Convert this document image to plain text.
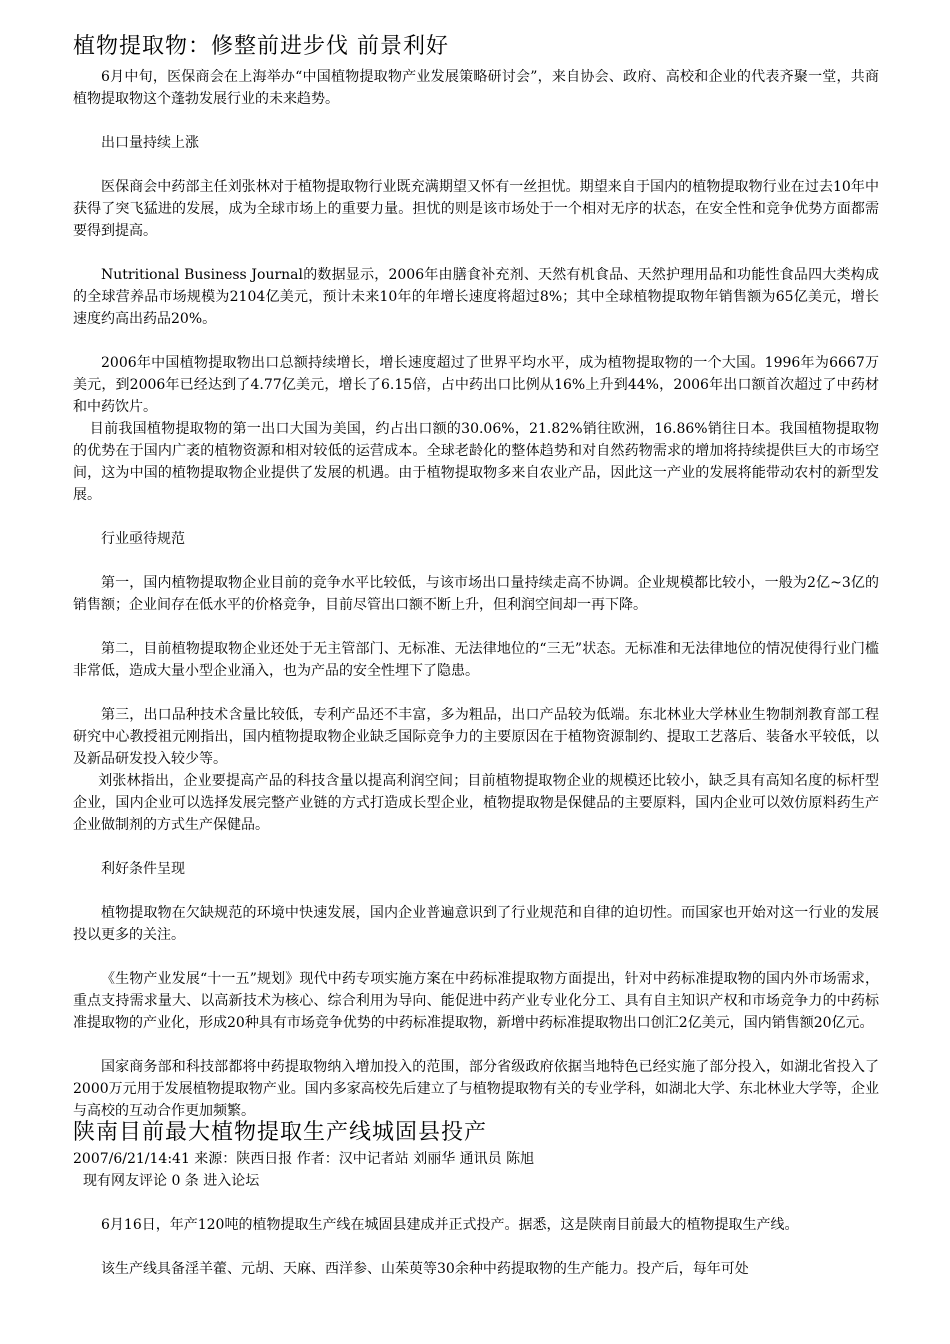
植物提取物：修整前进步伐 前景利好

6月中旬，医保商会在上海举办“中国植物提取物产业发展策略研讨会”，来自协会、政府、高校和企业的代表齐聚一堂，共商植物提取物这个蓬勃发展行业的未来趋势。

出口量持续上涨

医保商会中药部主任刘张林对于植物提取物行业既充满期望又怀有一丝担忧。期望来自于国内的植物提取物行业在过去10年中获得了突飞猛进的发展，成为全球市场上的重要力量。担忧的则是该市场处于一个相对无序的状态，在安全性和竞争优势方面都需要得到提高。

Nutritional Business Journal的数据显示，2006年由膳食补充剂、天然有机食品、天然护理用品和功能性食品四大类构成的全球营养品市场规模为2104亿美元，预计未来10年的年增长速度将超过8%；其中全球植物提取物年销售额为65亿美元，增长速度约高出药品20%。

2006年中国植物提取物出口总额持续增长，增长速度超过了世界平均水平，成为植物提取物的一个大国。1996年为6667万美元，到2006年已经达到了4.77亿美元，增长了6.15倍，占中药出口比例从16%上升到44%，2006年出口额首次超过了中药材和中药饮片。

目前我国植物提取物的第一出口大国为美国，约占出口额的30.06%，21.82%销往欧洲，16.86%销往日本。我国植物提取物的优势在于国内广袤的植物资源和相对较低的运营成本。全球老龄化的整体趋势和对自然药物需求的增加将持续提供巨大的市场空间，这为中国的植物提取物企业提供了发展的机遇。由于植物提取物多来自农业产品，因此这一产业的发展将能带动农村的新型发展。

行业亟待规范

第一，国内植物提取物企业目前的竞争水平比较低，与该市场出口量持续走高不协调。企业规模都比较小，一般为2亿~3亿的销售额；企业间存在低水平的价格竞争，目前尽管出口额不断上升，但利润空间却一再下降。

第二，目前植物提取物企业还处于无主管部门、无标准、无法律地位的“三无”状态。无标准和无法律地位的情况使得行业门槛非常低，造成大量小型企业涌入，也为产品的安全性埋下了隐患。

第三，出口品种技术含量比较低，专利产品还不丰富，多为粗品，出口产品较为低端。东北林业大学林业生物制剂教育部工程研究中心教授祖元刚指出，国内植物提取物企业缺乏国际竞争力的主要原因在于植物资源制约、提取工艺落后、装备水平较低，以及新品研发投入较少等。

刘张林指出，企业要提高产品的科技含量以提高利润空间；目前植物提取物企业的规模还比较小，缺乏具有高知名度的标杆型企业，国内企业可以选择发展完整产业链的方式打造成长型企业，植物提取物是保健品的主要原料，国内企业可以效仿原料药生产企业做制剂的方式生产保健品。

利好条件呈现

植物提取物在欠缺规范的环境中快速发展，国内企业普遍意识到了行业规范和自律的迫切性。而国家也开始对这一行业的发展投以更多的关注。

《生物产业发展“十一五”规划》现代中药专项实施方案在中药标准提取物方面提出，针对中药标准提取物的国内外市场需求，重点支持需求量大、以高新技术为核心、综合利用为导向、能促进中药产业专业化分工、具有自主知识产权和市场竞争力的中药标准提取物的产业化，形成20种具有市场竞争优势的中药标准提取物，新增中药标准提取物出口创汇2亿美元，国内销售额20亿元。

国家商务部和科技部都将中药提取物纳入增加投入的范围，部分省级政府依据当地特色已经实施了部分投入，如湖北省投入了2000万元用于发展植物提取物产业。国内多家高校先后建立了与植物提取物有关的专业学科，如湖北大学、东北林业大学等，企业与高校的互动合作更加频繁。

陕南目前最大植物提取生产线城固县投产

2007/6/21/14:41 来源：陕西日报 作者：汉中记者站 刘丽华 通讯员 陈旭

现有网友评论 0 条 进入论坛

6月16日，年产120吨的植物提取生产线在城固县建成并正式投产。据悉，这是陕南目前最大的植物提取生产线。

该生产线具备淫羊藿、元胡、天麻、西洋参、山茱萸等30余种中药提取物的生产能力。投产后，每年可处
